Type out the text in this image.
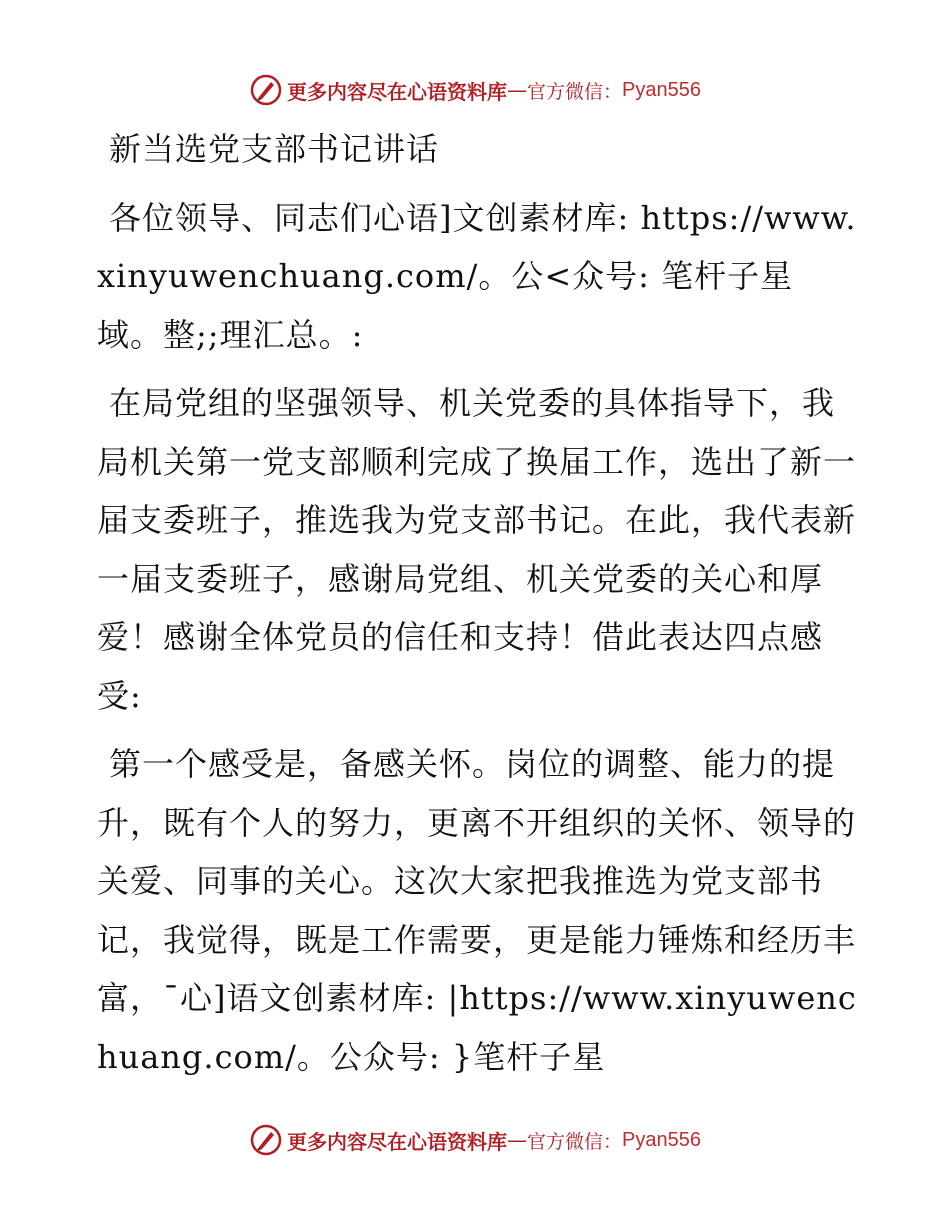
更多内容尽在心语资料库 — 官方微信： Pyan556

新当选党支部书记讲话

各位领导、同志们心语]文创素材库: https://www.xinyuwenchuang.com/。公<众号: 笔杆子星域。整;;理汇总。:

在局党组的坚强领导、机关党委的具体指导下，我局机关第一党支部顺利完成了换届工作，选出了新一届支委班子，推选我为党支部书记。在此，我代表新一届支委班子，感谢局党组、机关党委的关心和厚爱！感谢全体党员的信任和支持！借此表达四点感受:

第一个感受是，备感关怀。岗位的调整、能力的提升，既有个人的努力，更离不开组织的关怀、领导的关爱、同事的关心。这次大家把我推选为党支部书记，我觉得，既是工作需要，更是能力锤炼和经历丰富，¯心]语文创素材库: |https://www.xinyuwenchuang.com/。公众号: }笔杆子星

更多内容尽在心语资料库 — 官方微信： Pyan556
